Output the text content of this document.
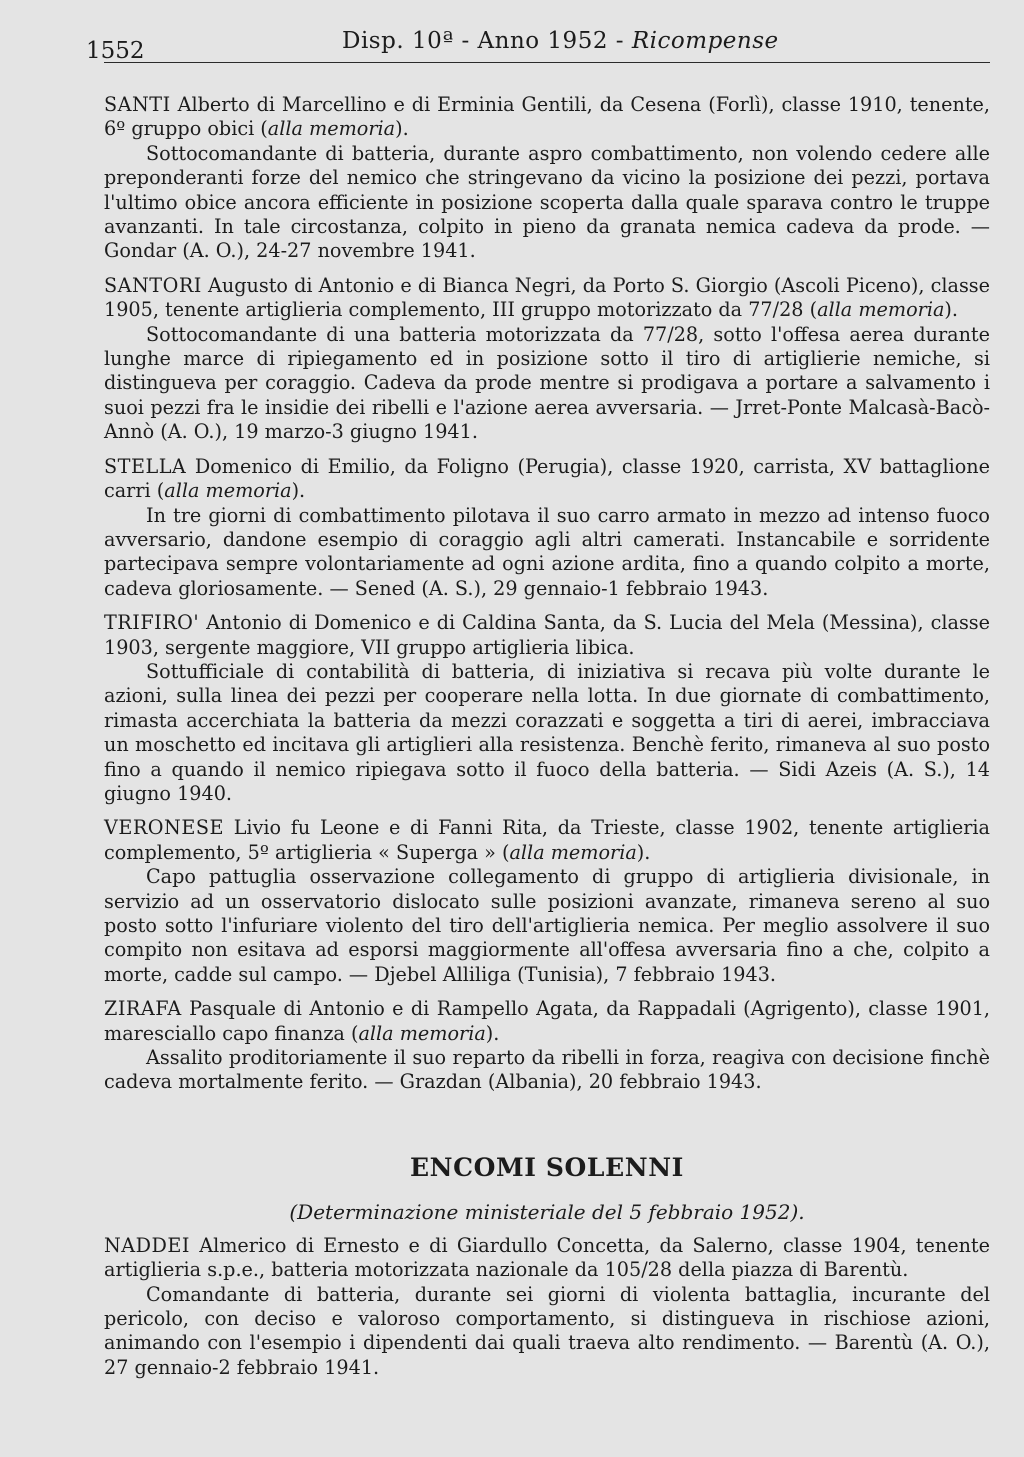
1552	Disp. 10ª - Anno 1952 - Ricompense

SANTI Alberto di Marcellino e di Erminia Gentili, da Cesena (Forlì), classe 1910, tenente, 6º gruppo obici (alla memoria).

Sottocomandante di batteria, durante aspro combattimento, non volendo cedere alle preponderanti forze del nemico che stringevano da vicino la posizione dei pezzi, portava l'ultimo obice ancora efficiente in posizione scoperta dalla quale sparava contro le truppe avanzanti. In tale circostanza, colpito in pieno da granata nemica cadeva da prode. — Gondar (A. O.), 24-27 novembre 1941.

SANTORI Augusto di Antonio e di Bianca Negri, da Porto S. Giorgio (Ascoli Piceno), classe 1905, tenente artiglieria complemento, III gruppo motorizzato da 77/28 (alla memoria).

Sottocomandante di una batteria motorizzata da 77/28, sotto l'offesa aerea durante lunghe marce di ripiegamento ed in posizione sotto il tiro di artiglierie nemiche, si distingueva per coraggio. Cadeva da prode mentre si prodigava a portare a salvamento i suoi pezzi fra le insidie dei ribelli e l'azione aerea avversaria. — Jrret-Ponte Malcasà-Bacò-Annò (A. O.), 19 marzo-3 giugno 1941.

STELLA Domenico di Emilio, da Foligno (Perugia), classe 1920, carrista, XV battaglione carri (alla memoria).

In tre giorni di combattimento pilotava il suo carro armato in mezzo ad intenso fuoco avversario, dandone esempio di coraggio agli altri camerati. Instancabile e sorridente partecipava sempre volontariamente ad ogni azione ardita, fino a quando colpito a morte, cadeva gloriosamente. — Sened (A. S.), 29 gennaio-1 febbraio 1943.

TRIFIRO' Antonio di Domenico e di Caldina Santa, da S. Lucia del Mela (Messina), classe 1903, sergente maggiore, VII gruppo artiglieria libica.

Sottufficiale di contabilità di batteria, di iniziativa si recava più volte durante le azioni, sulla linea dei pezzi per cooperare nella lotta. In due giornate di combattimento, rimasta accerchiata la batteria da mezzi corazzati e soggetta a tiri di aerei, imbracciava un moschetto ed incitava gli artiglieri alla resistenza. Benchè ferito, rimaneva al suo posto fino a quando il nemico ripiegava sotto il fuoco della batteria. — Sidi Azeis (A. S.), 14 giugno 1940.

VERONESE Livio fu Leone e di Fanni Rita, da Trieste, classe 1902, tenente artiglieria complemento, 5º artiglieria « Superga » (alla memoria).

Capo pattuglia osservazione collegamento di gruppo di artiglieria divisionale, in servizio ad un osservatorio dislocato sulle posizioni avanzate, rimaneva sereno al suo posto sotto l'infuriare violento del tiro dell'artiglieria nemica. Per meglio assolvere il suo compito non esitava ad esporsi maggiormente all'offesa avversaria fino a che, colpito a morte, cadde sul campo. — Djebel Alliliga (Tunisia), 7 febbraio 1943.

ZIRAFA Pasquale di Antonio e di Rampello Agata, da Rappadali (Agrigento), classe 1901, maresciallo capo finanza (alla memoria).

Assalito proditoriamente il suo reparto da ribelli in forza, reagiva con decisione finchè cadeva mortalmente ferito. — Grazdan (Albania), 20 febbraio 1943.

ENCOMI SOLENNI
(Determinazione ministeriale del 5 febbraio 1952).

NADDEI Almerico di Ernesto e di Giardullo Concetta, da Salerno, classe 1904, tenente artiglieria s.p.e., batteria motorizzata nazionale da 105/28 della piazza di Barentù.

Comandante di batteria, durante sei giorni di violenta battaglia, incurante del pericolo, con deciso e valoroso comportamento, si distingueva in rischiose azioni, animando con l'esempio i dipendenti dai quali traeva alto rendimento. — Barentù (A. O.), 27 gennaio-2 febbraio 1941.
